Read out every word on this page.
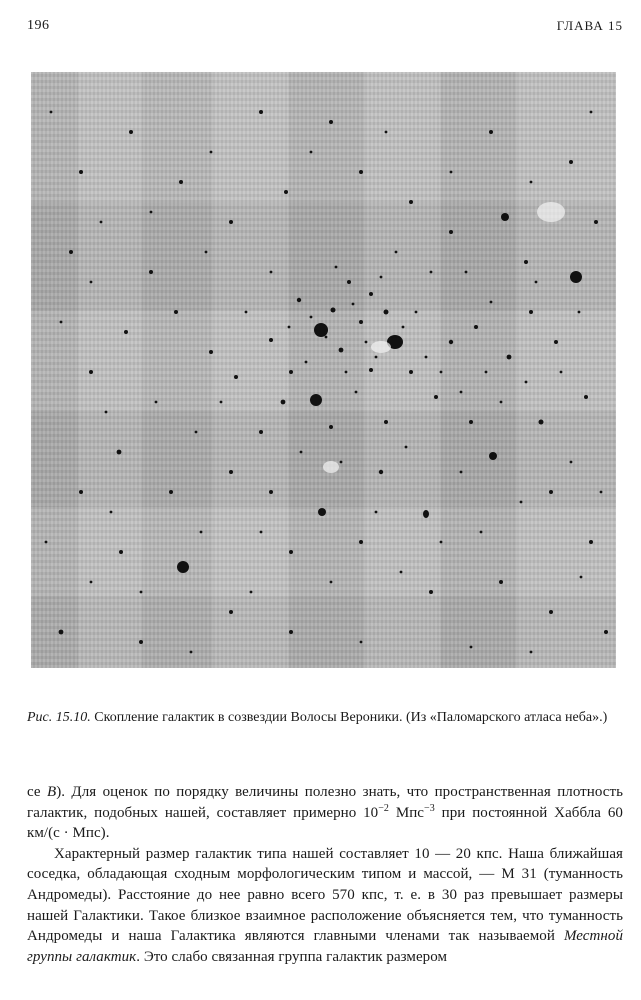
196	ГЛАВА 15
Рис. 15.10. Скопление галактик в созвездии Волосы Вероники. (Из «Паломарского атласа неба».)

се B). Для оценок по порядку величины полезно знать, что пространственная плотность галактик, подобных нашей, составляет примерно $10^{-2}$ Мпс$^{-3}$ при постоянной Хаббла 60 км/(с · Мпс).

Характерный размер галактик типа нашей составляет 10 — 20 кпс. Наша ближайшая соседка, обладающая сходным морфологическим типом и массой, — М 31 (туманность Андромеды). Расстояние до нее равно всего 570 кпс, т. е. в 30 раз превышает размеры нашей Галактики. Такое близкое взаимное расположение объясняется тем, что туманность Андромеды и наша Галактика являются главными членами так называемой Местной группы галактик. Это слабо связанная группа галактик размером
